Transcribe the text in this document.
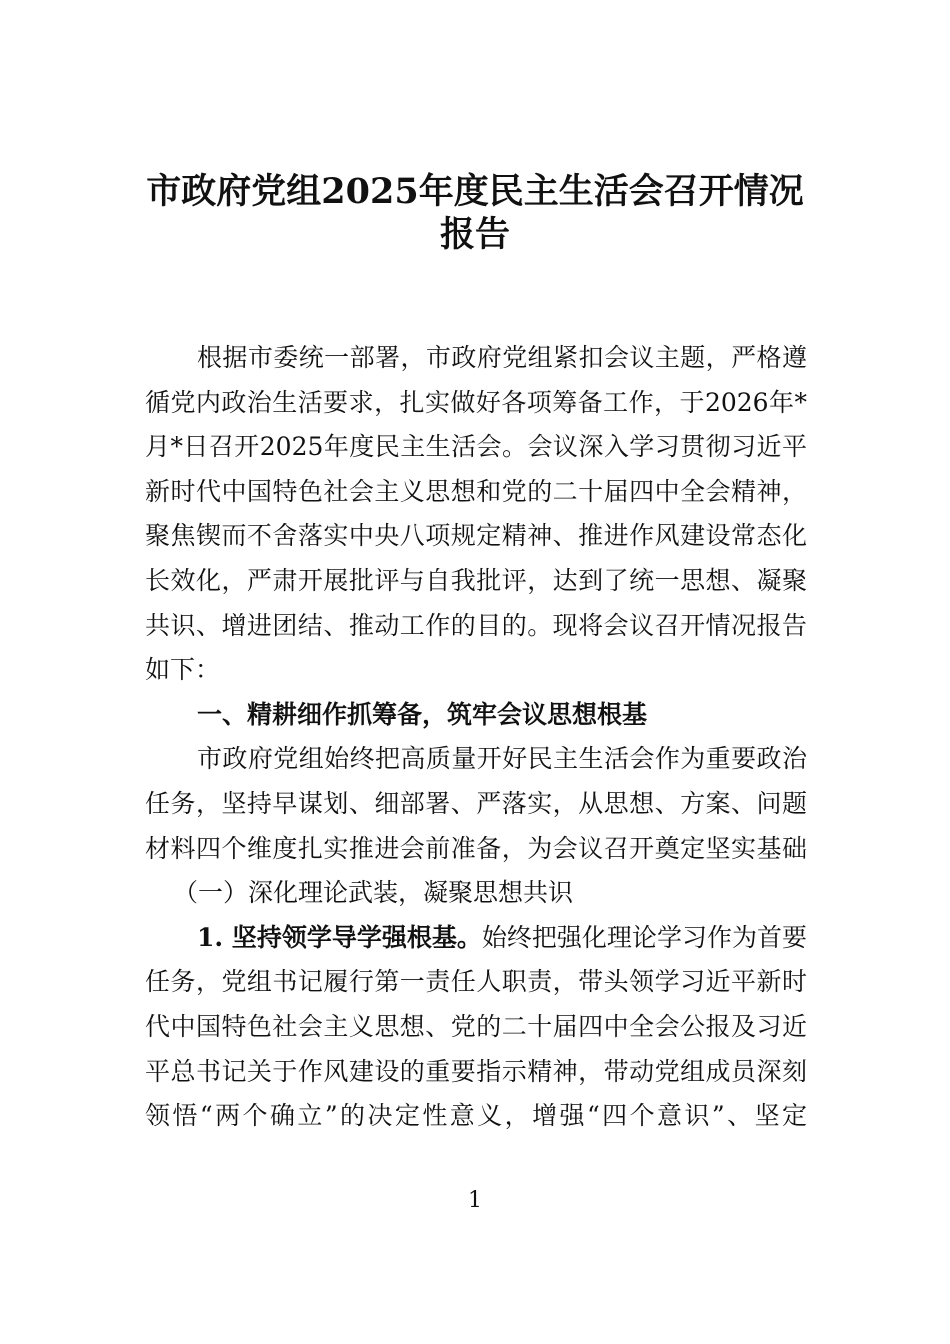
市政府党组2025年度民主生活会召开情况
报告
根据市委统一部署，市政府党组紧扣会议主题，严格遵
循党内政治生活要求，扎实做好各项筹备工作，于2026年*
月*日召开2025年度民主生活会。会议深入学习贯彻习近平
新时代中国特色社会主义思想和党的二十届四中全会精神，
聚焦锲而不舍落实中央八项规定精神、推进作风建设常态化
长效化，严肃开展批评与自我批评，达到了统一思想、凝聚
共识、增进团结、推动工作的目的。现将会议召开情况报告
如下：
一、精耕细作抓筹备，筑牢会议思想根基
市政府党组始终把高质量开好民主生活会作为重要政治
任务，坚持早谋划、细部署、严落实，从思想、方案、问题
材料四个维度扎实推进会前准备，为会议召开奠定坚实基础
（一）深化理论武装，凝聚思想共识
1. 坚持领学导学强根基。始终把强化理论学习作为首要
任务，党组书记履行第一责任人职责，带头领学习近平新时
代中国特色社会主义思想、党的二十届四中全会公报及习近
平总书记关于作风建设的重要指示精神，带动党组成员深刻
领悟“两个确立”的决定性意义，增强“四个意识”、坚定
1
